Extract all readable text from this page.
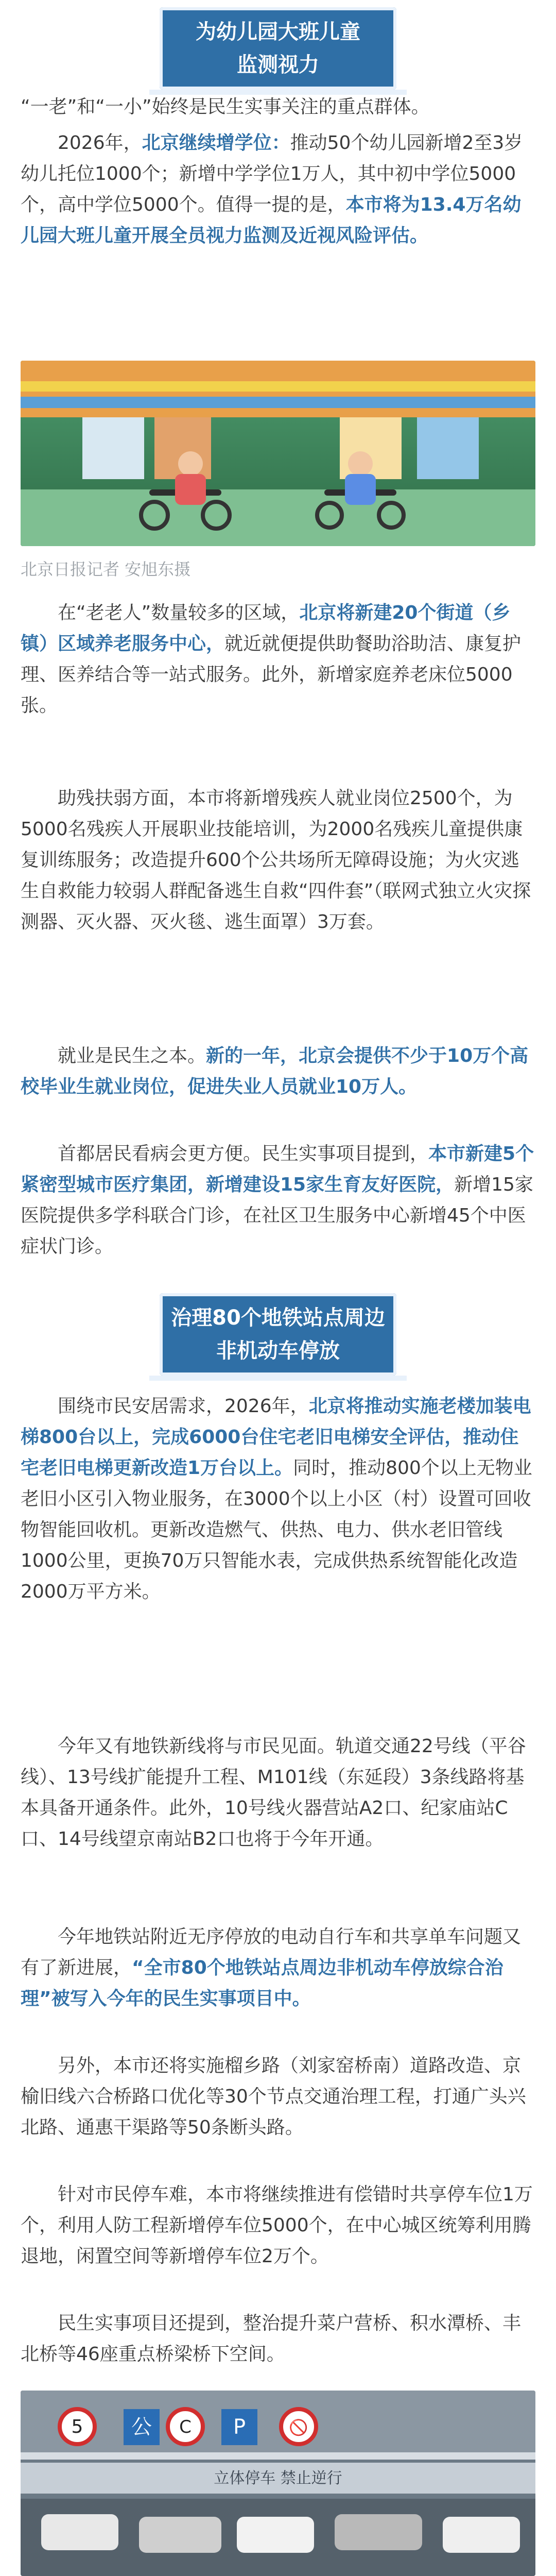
为幼儿园大班儿童
监测视力

“一老”和“一小”始终是民生实事关注的重点群体。

2026年，北京继续增学位：推动50个幼儿园新增2至3岁幼儿托位1000个；新增中学学位1万人，其中初中学位5000个，高中学位5000个。值得一提的是，本市将为13.4万名幼儿园大班儿童开展全员视力监测及近视风险评估。

北京日报记者 安旭东摄

在“老老人”数量较多的区域，北京将新建20个街道（乡镇）区域养老服务中心，就近就便提供助餐助浴助洁、康复护理、医养结合等一站式服务。此外，新增家庭养老床位5000张。

助残扶弱方面，本市将新增残疾人就业岗位2500个，为5000名残疾人开展职业技能培训，为2000名残疾儿童提供康复训练服务；改造提升600个公共场所无障碍设施；为火灾逃生自救能力较弱人群配备逃生自救“四件套”（联网式独立火灾探测器、灭火器、灭火毯、逃生面罩）3万套。

就业是民生之本。新的一年，北京会提供不少于10万个高校毕业生就业岗位，促进失业人员就业10万人。

首都居民看病会更方便。民生实事项目提到，本市新建5个紧密型城市医疗集团，新增建设15家生育友好医院，新增15家医院提供多学科联合门诊，在社区卫生服务中心新增45个中医症状门诊。

治理80个地铁站点周边
非机动车停放

围绕市民安居需求，2026年，北京将推动实施老楼加装电梯800台以上，完成6000台住宅老旧电梯安全评估，推动住宅老旧电梯更新改造1万台以上。同时，推动800个以上无物业老旧小区引入物业服务，在3000个以上小区（村）设置可回收物智能回收机。更新改造燃气、供热、电力、供水老旧管线1000公里，更换70万只智能水表，完成供热系统智能化改造2000万平方米。

今年又有地铁新线将与市民见面。轨道交通22号线（平谷线）、13号线扩能提升工程、M101线（东延段）3条线路将基本具备开通条件。此外，10号线火器营站A2口、纪家庙站C口、14号线望京南站B2口也将于今年开通。

今年地铁站附近无序停放的电动自行车和共享单车问题又有了新进展，“全市80个地铁站点周边非机动车停放综合治理”被写入今年的民生实事项目中。

另外，本市还将实施榴乡路（刘家窑桥南）道路改造、京榆旧线六合桥路口优化等30个节点交通治理工程，打通广头兴北路、通惠干渠路等50条断头路。

针对市民停车难，本市将继续推进有偿错时共享停车位1万个，利用人防工程新增停车位5000个，在中心城区统筹利用腾退地，闲置空间等新增停车位2万个。

民生实事项目还提到，整治提升菜户营桥、积水潭桥、丰北桥等46座重点桥梁桥下空间。

5 公 C P	🚫
立体停车 禁止逆行
